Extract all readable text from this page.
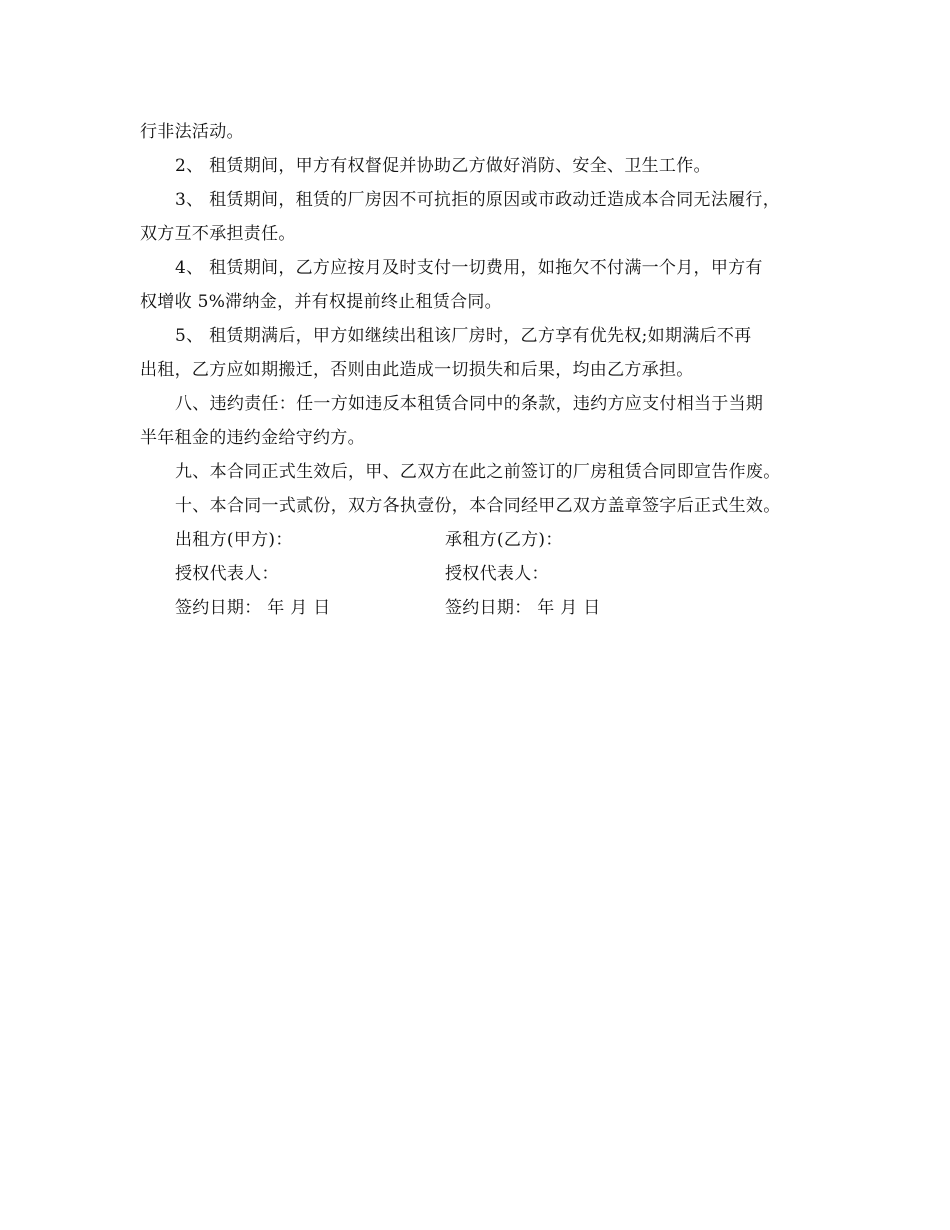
行非法活动。
2、 租赁期间，甲方有权督促并协助乙方做好消防、安全、卫生工作。
3、 租赁期间，租赁的厂房因不可抗拒的原因或市政动迁造成本合同无法履行，
双方互不承担责任。
4、 租赁期间，乙方应按月及时支付一切费用，如拖欠不付满一个月，甲方有
权增收 5%滞纳金，并有权提前终止租赁合同。
5、 租赁期满后，甲方如继续出租该厂房时，乙方享有优先权;如期满后不再
出租，乙方应如期搬迁，否则由此造成一切损失和后果，均由乙方承担。
八、违约责任：任一方如违反本租赁合同中的条款，违约方应支付相当于当期
半年租金的违约金给守约方。
九、本合同正式生效后，甲、乙双方在此之前签订的厂房租赁合同即宣告作废。
十、本合同一式贰份，双方各执壹份，本合同经甲乙双方盖章签字后正式生效。
出租方(甲方)：	承租方(乙方)：
授权代表人：	授权代表人：
签约日期： 年 月 日	签约日期： 年 月 日
